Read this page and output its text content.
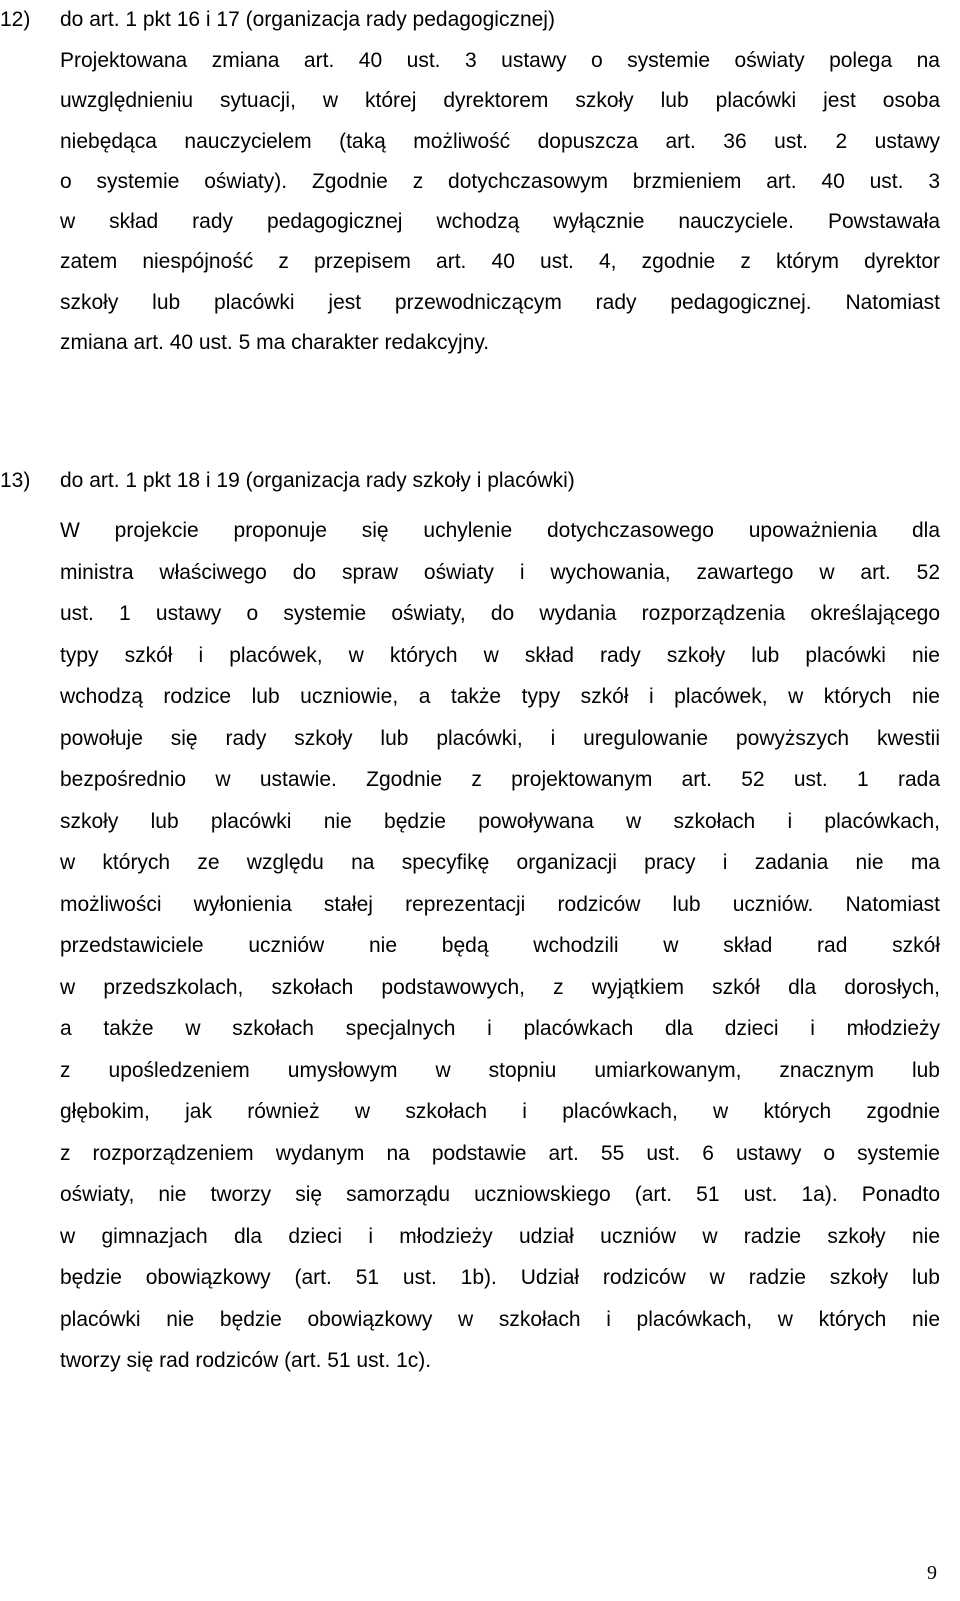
12) do art. 1 pkt 16 i 17 (organizacja rady pedagogicznej)
Projektowana zmiana art. 40 ust. 3 ustawy o systemie oświaty polega na
uwzględnieniu sytuacji, w której dyrektorem szkoły lub placówki jest osoba
niebędąca nauczycielem (taką możliwość dopuszcza art. 36 ust. 2 ustawy
o systemie oświaty). Zgodnie z dotychczasowym brzmieniem art. 40 ust. 3
w skład rady pedagogicznej wchodzą wyłącznie nauczyciele. Powstawała
zatem niespójność z przepisem art. 40 ust. 4, zgodnie z którym dyrektor
szkoły lub placówki jest przewodniczącym rady pedagogicznej. Natomiast
zmiana art. 40 ust. 5 ma charakter redakcyjny.
13) do art. 1 pkt 18 i 19 (organizacja rady szkoły i placówki)
W projekcie proponuje się uchylenie dotychczasowego upoważnienia dla
ministra właściwego do spraw oświaty i wychowania, zawartego w art. 52
ust. 1 ustawy o systemie oświaty, do wydania rozporządzenia określającego
typy szkół i placówek, w których w skład rady szkoły lub placówki nie
wchodzą rodzice lub uczniowie, a także typy szkół i placówek, w których nie
powołuje się rady szkoły lub placówki, i uregulowanie powyższych kwestii
bezpośrednio w ustawie. Zgodnie z projektowanym art. 52 ust. 1 rada
szkoły lub placówki nie będzie powoływana w szkołach i placówkach,
w których ze względu na specyfikę organizacji pracy i zadania nie ma
możliwości wyłonienia stałej reprezentacji rodziców lub uczniów. Natomiast
przedstawiciele uczniów nie będą wchodzili w skład rad szkół
w przedszkolach, szkołach podstawowych, z wyjątkiem szkół dla dorosłych,
a także w szkołach specjalnych i placówkach dla dzieci i młodzieży
z upośledzeniem umysłowym w stopniu umiarkowanym, znacznym lub
głębokim, jak również w szkołach i placówkach, w których zgodnie
z rozporządzeniem wydanym na podstawie art. 55 ust. 6 ustawy o systemie
oświaty, nie tworzy się samorządu uczniowskiego (art. 51 ust. 1a). Ponadto
w gimnazjach dla dzieci i młodzieży udział uczniów w radzie szkoły nie
będzie obowiązkowy (art. 51 ust. 1b). Udział rodziców w radzie szkoły lub
placówki nie będzie obowiązkowy w szkołach i placówkach, w których nie
tworzy się rad rodziców (art. 51 ust. 1c).
9
